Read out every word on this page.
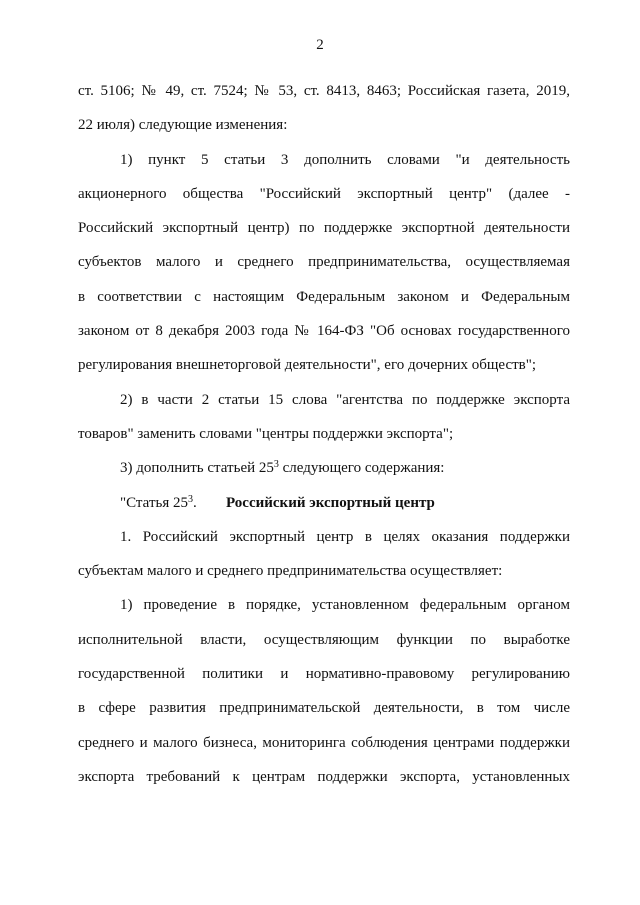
2
ст. 5106; № 49, ст. 7524; № 53, ст. 8413, 8463; Российская газета, 2019,
22 июля) следующие изменения:
1) пункт 5 статьи 3 дополнить словами "и деятельность
акционерного общества "Российский экспортный центр" (далее -
Российский экспортный центр) по поддержке экспортной деятельности
субъектов малого и среднего предпринимательства, осуществляемая
в соответствии с настоящим Федеральным законом и Федеральным
законом от 8 декабря 2003 года № 164-ФЗ "Об основах государственного
регулирования внешнеторговой деятельности", его дочерних обществ";
2) в части 2 статьи 15 слова "агентства по поддержке экспорта
товаров" заменить словами "центры поддержки экспорта";
3) дополнить статьей $25^3$ следующего содержания:
"Статья $25^3$. Российский экспортный центр
1. Российский экспортный центр в целях оказания поддержки
субъектам малого и среднего предпринимательства осуществляет:
1) проведение в порядке, установленном федеральным органом
исполнительной власти, осуществляющим функции по выработке
государственной политики и нормативно-правовому регулированию
в сфере развития предпринимательской деятельности, в том числе
среднего и малого бизнеса, мониторинга соблюдения центрами поддержки
экспорта требований к центрам поддержки экспорта, установленных
